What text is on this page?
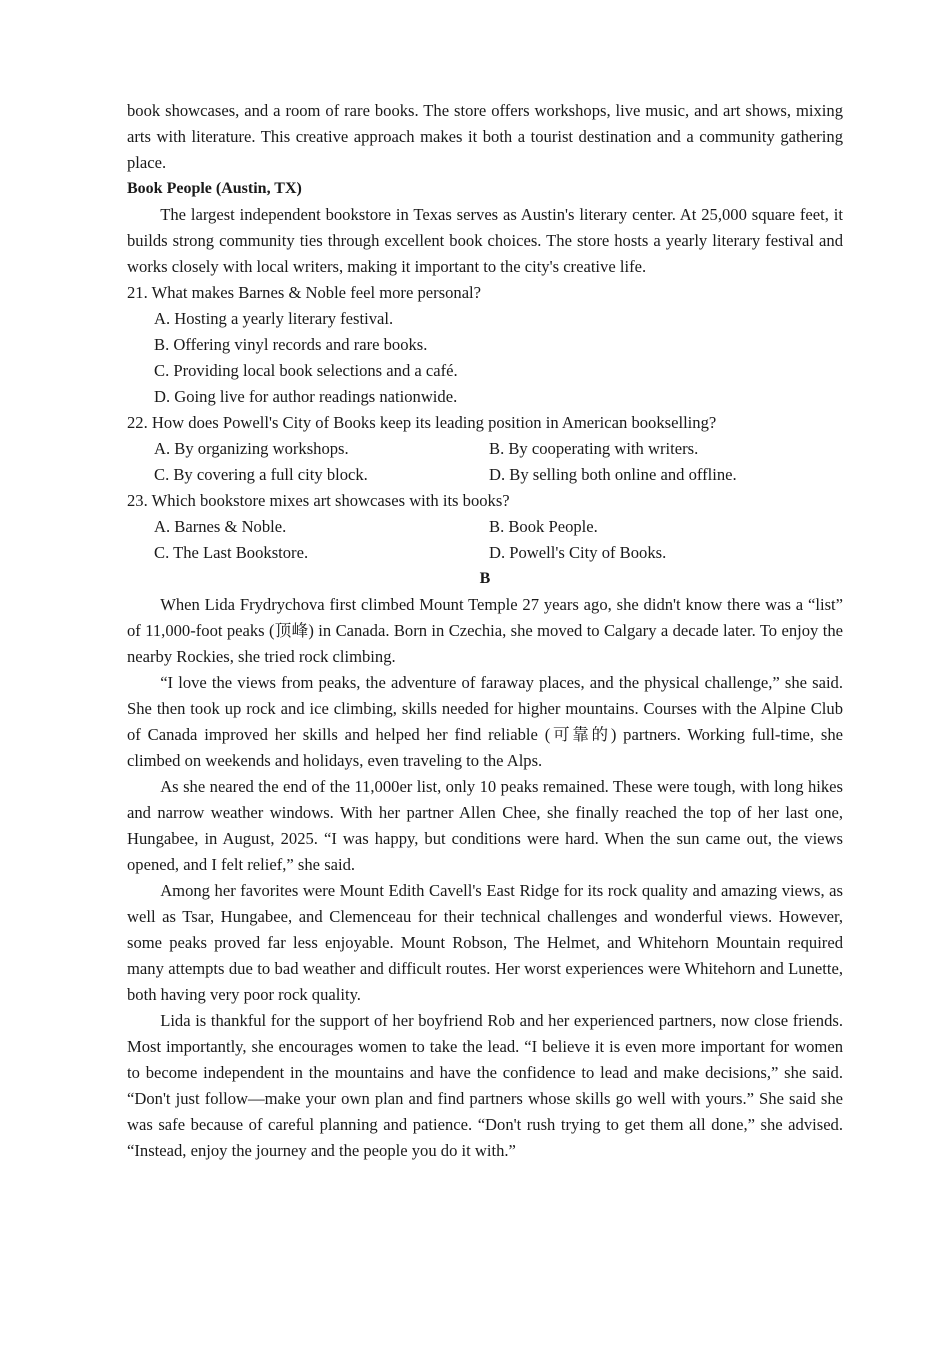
book showcases, and a room of rare books. The store offers workshops, live music, and art shows, mixing arts with literature. This creative approach makes it both a tourist destination and a community gathering place.

Book People (Austin, TX)

The largest independent bookstore in Texas serves as Austin's literary center. At 25,000 square feet, it builds strong community ties through excellent book choices. The store hosts a yearly literary festival and works closely with local writers, making it important to the city's creative life.

21. What makes Barnes & Noble feel more personal?
A. Hosting a yearly literary festival.
B. Offering vinyl records and rare books.
C. Providing local book selections and a café.
D. Going live for author readings nationwide.
22. How does Powell's City of Books keep its leading position in American bookselling?
A. By organizing workshops.	B. By cooperating with writers.
C. By covering a full city block.	D. By selling both online and offline.
23. Which bookstore mixes art showcases with its books?
A. Barnes & Noble.	B. Book People.
C. The Last Bookstore.	D. Powell's City of Books.
B

When Lida Frydrychova first climbed Mount Temple 27 years ago, she didn't know there was a “list” of 11,000-foot peaks (顶峰) in Canada. Born in Czechia, she moved to Calgary a decade later. To enjoy the nearby Rockies, she tried rock climbing.

“I love the views from peaks, the adventure of faraway places, and the physical challenge,” she said. She then took up rock and ice climbing, skills needed for higher mountains. Courses with the Alpine Club of Canada improved her skills and helped her find reliable (可靠的) partners. Working full-time, she climbed on weekends and holidays, even traveling to the Alps.

As she neared the end of the 11,000er list, only 10 peaks remained. These were tough, with long hikes and narrow weather windows. With her partner Allen Chee, she finally reached the top of her last one, Hungabee, in August, 2025. “I was happy, but conditions were hard. When the sun came out, the views opened, and I felt relief,” she said.

Among her favorites were Mount Edith Cavell's East Ridge for its rock quality and amazing views, as well as Tsar, Hungabee, and Clemenceau for their technical challenges and wonderful views. However, some peaks proved far less enjoyable. Mount Robson, The Helmet, and Whitehorn Mountain required many attempts due to bad weather and difficult routes. Her worst experiences were Whitehorn and Lunette, both having very poor rock quality.

Lida is thankful for the support of her boyfriend Rob and her experienced partners, now close friends. Most importantly, she encourages women to take the lead. “I believe it is even more important for women to become independent in the mountains and have the confidence to lead and make decisions,” she said. “Don't just follow—make your own plan and find partners whose skills go well with yours.” She said she was safe because of careful planning and patience. “Don't rush trying to get them all done,” she advised. “Instead, enjoy the journey and the people you do it with.”
